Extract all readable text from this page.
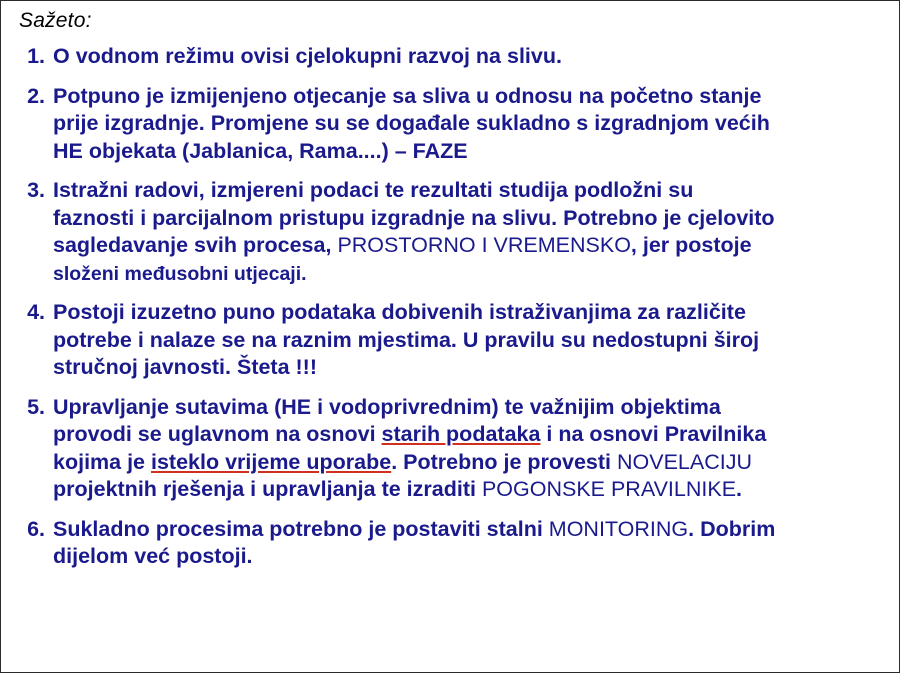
Sažeto:
1. O vodnom režimu ovisi cjelokupni razvoj na slivu.
2. Potpuno je izmijenjeno otjecanje sa sliva u odnosu na početno stanje
prije izgradnje. Promjene su se događale sukladno s izgradnjom većih
HE objekata (Jablanica, Rama....) – FAZE
3. Istražni radovi, izmjereni podaci te rezultati studija podložni su
faznosti i parcijalnom pristupu izgradnje na slivu. Potrebno je cjelovito
sagledavanje svih procesa, PROSTORNO I VREMENSKO, jer postoje
složeni međusobni utjecaji.
4. Postoji izuzetno puno podataka dobivenih istraživanjima za različite
potrebe i nalaze se na raznim mjestima. U pravilu su nedostupni široj
stručnoj javnosti. Šteta !!!
5. Upravljanje sutavima (HE i vodoprivrednim) te važnijim objektima
provodi se uglavnom na osnovi starih podataka i na osnovi Pravilnika
kojima je isteklo vrijeme uporabe. Potrebno je provesti NOVELACIJU
projektnih rješenja i upravljanja te izraditi POGONSKE PRAVILNIKE.
6. Sukladno procesima potrebno je postaviti stalni MONITORING. Dobrim
dijelom već postoji.
